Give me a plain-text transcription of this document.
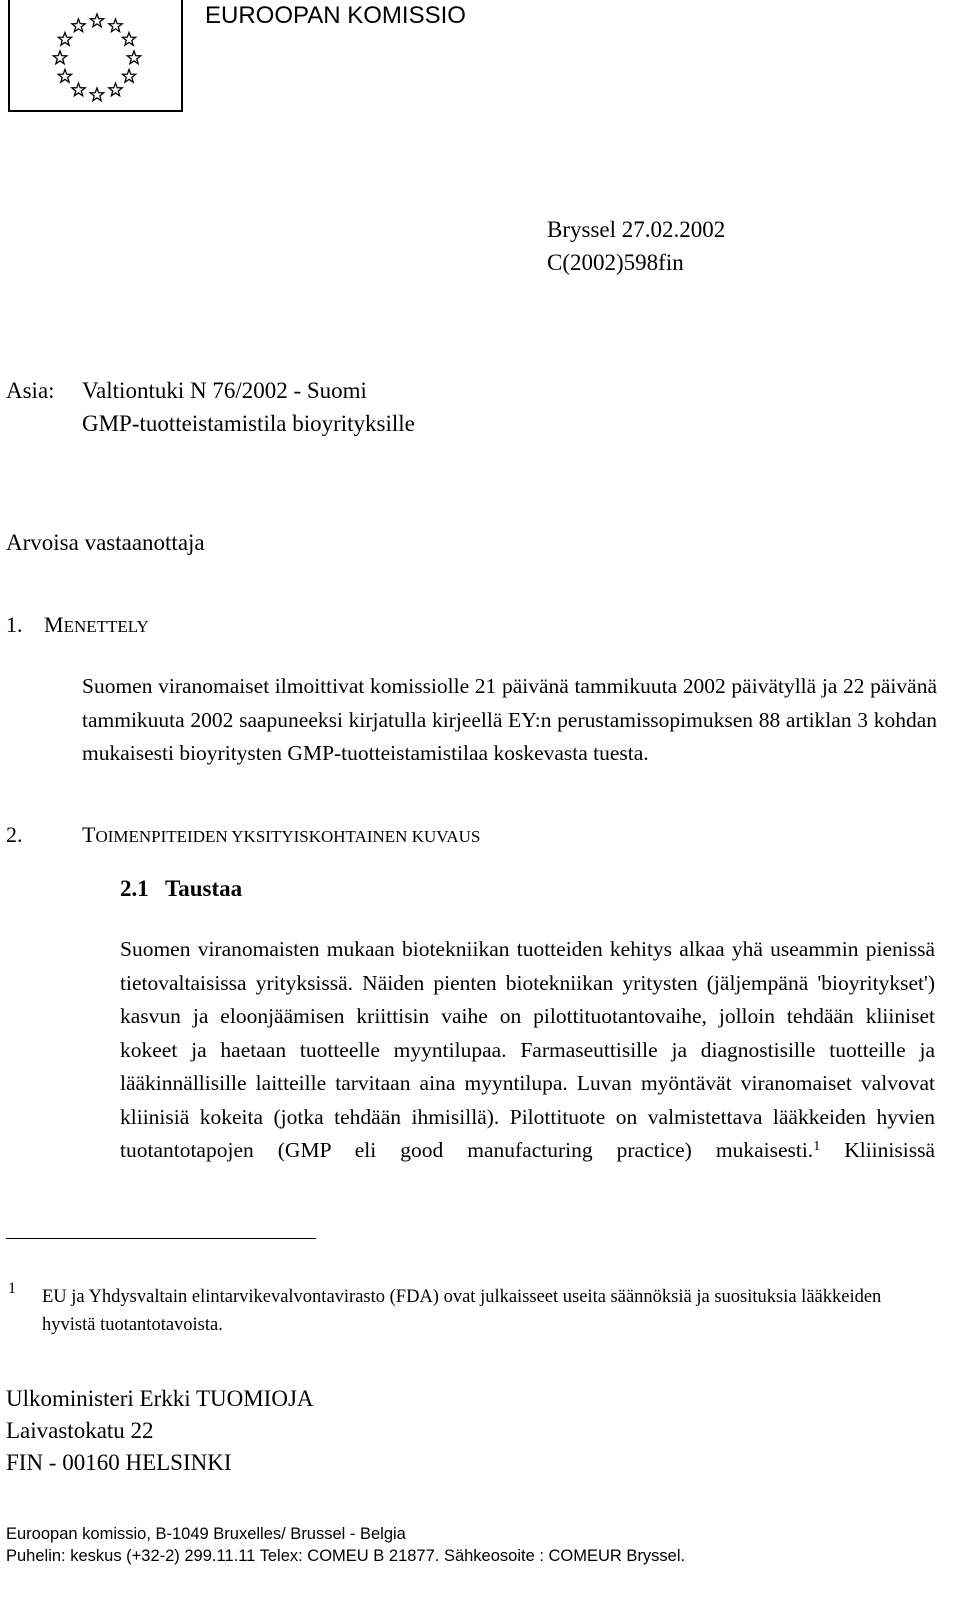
EUROOPAN KOMISSIO
Bryssel 27.02.2002
C(2002)598fin
Asia: Valtiontuki N 76/2002 - Suomi
GMP-tuotteistamistila bioyrityksille
Arvoisa vastaanottaja
1. MENETTELY
Suomen viranomaiset ilmoittivat komissiolle 21 päivänä tammikuuta 2002 päivätyllä ja 22 päivänä tammikuuta 2002 saapuneeksi kirjatulla kirjeellä EY:n perustamissopimuksen 88 artiklan 3 kohdan mukaisesti bioyritysten GMP-tuotteistamistilaa koskevasta tuesta.
2.	TOIMENPITEIDEN YKSITYISKOHTAINEN KUVAUS
2.1 Taustaa
Suomen viranomaisten mukaan biotekniikan tuotteiden kehitys alkaa yhä useammin pienissä tietovaltaisissa yrityksissä. Näiden pienten biotekniikan yritysten (jäljempänä 'bioyritykset') kasvun ja eloonjäämisen kriittisin vaihe on pilottituotantovaihe, jolloin tehdään kliiniset kokeet ja haetaan tuotteelle myyntilupaa. Farmaseuttisille ja diagnostisille tuotteille ja lääkinnällisille laitteille tarvitaan aina myyntilupa. Luvan myöntävät viranomaiset valvovat kliinisiä kokeita (jotka tehdään ihmisillä). Pilottituote on valmistettava lääkkeiden hyvien tuotantotapojen (GMP eli good manufacturing practice) mukaisesti.$^1$ Kliinisissä
1 EU ja Yhdysvaltain elintarvikevalvontavirasto (FDA) ovat julkaisseet useita säännöksiä ja suosituksia lääkkeiden hyvistä tuotantotavoista.
Ulkoministeri Erkki TUOMIOJA
Laivastokatu 22
FIN - 00160 HELSINKI
Euroopan komissio, B-1049 Bruxelles/ Brussel - Belgia
Puhelin: keskus (+32-2) 299.11.11 Telex: COMEU B 21877. Sähkeosoite : COMEUR Bryssel.
